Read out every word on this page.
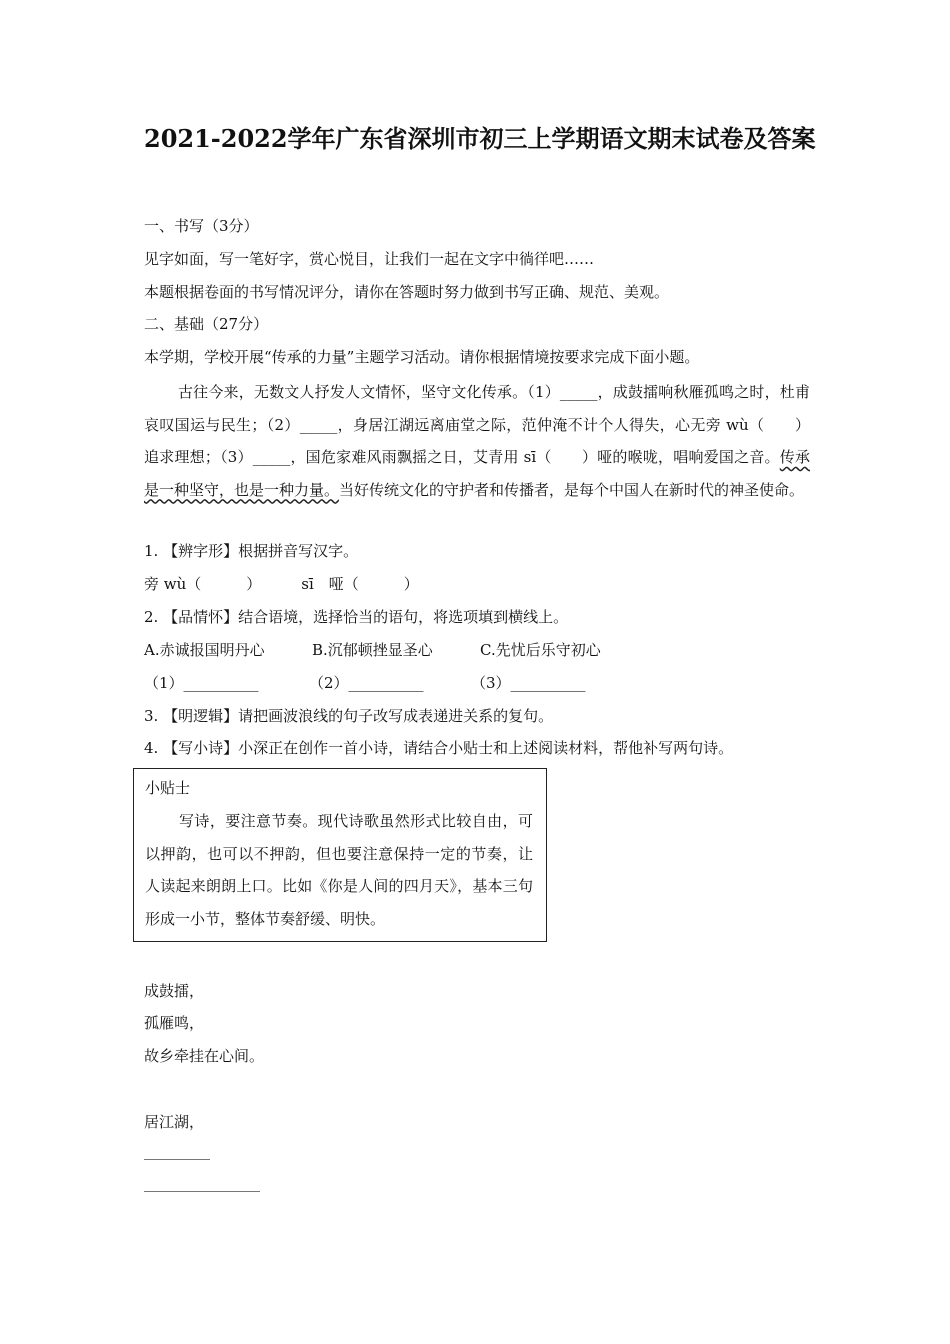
2021-2022学年广东省深圳市初三上学期语文期末试卷及答案
一、书写（3分）
见字如面，写一笔好字，赏心悦目，让我们一起在文字中徜徉吧……
本题根据卷面的书写情况评分，请你在答题时努力做到书写正确、规范、美观。
二、基础（27分）
本学期，学校开展“传承的力量”主题学习活动。请你根据情境按要求完成下面小题。
古往今来，无数文人抒发人文情怀，坚守文化传承。（1）_____，成鼓擂响秋雁孤鸣之时，杜甫哀叹国运与民生；（2）_____，身居江湖远离庙堂之际，范仲淹不计个人得失，心无旁 wù（　　）追求理想；（3）_____，国危家难风雨飘摇之日，艾青用 sī（　　）哑的喉咙，唱响爱国之音。传承是一种坚守，也是一种力量。当好传统文化的守护者和传播者，是每个中国人在新时代的神圣使命。
1. 【辨字形】根据拼音写汉字。
旁 wù（　　　）	sī　哑（　　　）
2. 【品情怀】结合语境，选择恰当的语句，将选项填到横线上。
A.赤诚报国明丹心	B.沉郁顿挫显圣心	C.先忧后乐守初心
（1）__________	（2）__________	（3）__________
3. 【明逻辑】请把画波浪线的句子改写成表递进关系的复句。
4. 【写小诗】小深正在创作一首小诗，请结合小贴士和上述阅读材料，帮他补写两句诗。
小贴士
写诗，要注意节奏。现代诗歌虽然形式比较自由，可以押韵，也可以不押韵，但也要注意保持一定的节奏，让人读起来朗朗上口。比如《你是人间的四月天》，基本三句形成一小节，整体节奏舒缓、明快。
成鼓擂，
孤雁鸣，
故乡牵挂在心间。
居江湖，
